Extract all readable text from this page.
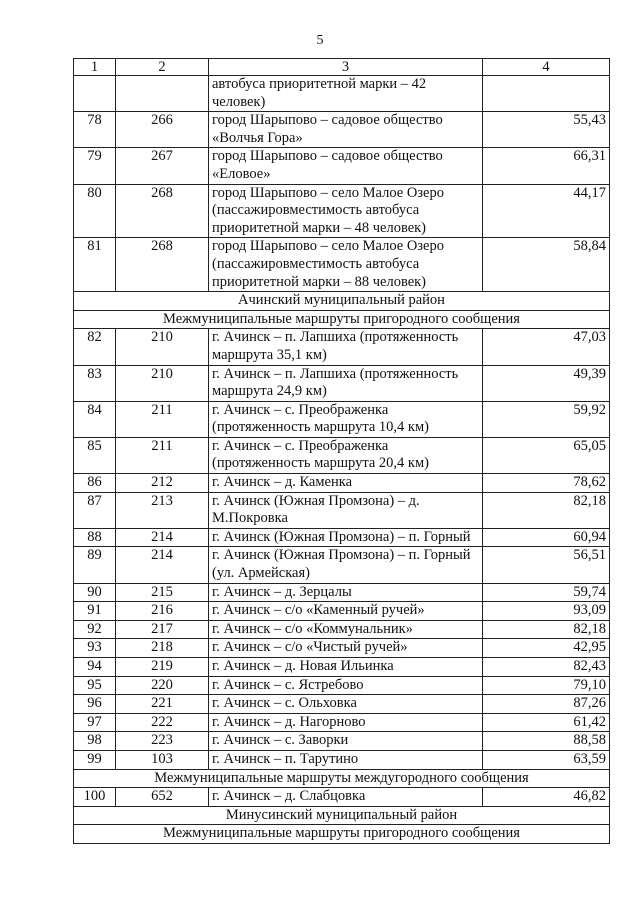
5
1	2	3	4
		автобуса приоритетной марки – 42 человек)	
78	266	город Шарыпово – садовое общество «Волчья Гора»	55,43
79	267	город Шарыпово – садовое общество «Еловое»	66,31
80	268	город Шарыпово – село Малое Озеро (пассажировместимость автобуса приоритетной марки – 48 человек)	44,17
81	268	город Шарыпово – село Малое Озеро (пассажировместимость автобуса приоритетной марки – 88 человек)	58,84
Ачинский муниципальный район			
Межмуниципальные маршруты пригородного сообщения			
82	210	г. Ачинск – п. Лапшиха (протяженность маршрута 35,1 км)	47,03
83	210	г. Ачинск – п. Лапшиха (протяженность маршрута 24,9 км)	49,39
84	211	г. Ачинск – с. Преображенка (протяженность маршрута 10,4 км)	59,92
85	211	г. Ачинск – с. Преображенка (протяженность маршрута 20,4 км)	65,05
86	212	г. Ачинск – д. Каменка	78,62
87	213	г. Ачинск (Южная Промзона) – д. М.Покровка	82,18
88	214	г. Ачинск (Южная Промзона) – п. Горный	60,94
89	214	г. Ачинск (Южная Промзона) – п. Горный (ул. Армейская)	56,51
90	215	г. Ачинск – д. Зерцалы	59,74
91	216	г. Ачинск – с/о «Каменный ручей»	93,09
92	217	г. Ачинск – с/о «Коммунальник»	82,18
93	218	г. Ачинск – с/о «Чистый ручей»	42,95
94	219	г. Ачинск – д. Новая Ильинка	82,43
95	220	г. Ачинск – с. Ястребово	79,10
96	221	г. Ачинск – с. Ольховка	87,26
97	222	г. Ачинск – д. Нагорново	61,42
98	223	г. Ачинск – с. Заворки	88,58
99	103	г. Ачинск – п. Тарутино	63,59
Межмуниципальные маршруты междугородного сообщения			
100	652	г. Ачинск – д. Слабцовка	46,82
Минусинский муниципальный район			
Межмуниципальные маршруты пригородного сообщения			
